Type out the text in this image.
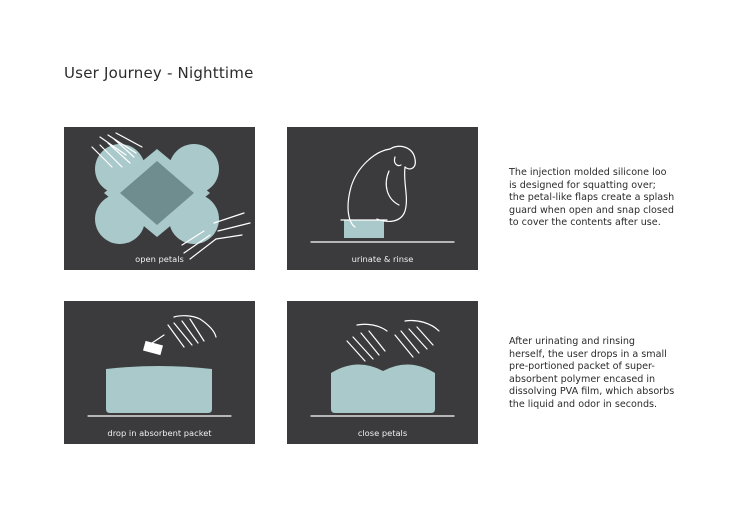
User Journey - Nighttime
open petals	urinate & rinse
drop in absorbent packet	close petals
The injection molded silicone loo
is designed for squatting over;
the petal-like flaps create a splash
guard when open and snap closed
to cover the contents after use.
After urinating and rinsing
herself, the user drops in a small
pre-portioned packet of super-
absorbent polymer encased in
dissolving PVA film, which absorbs
the liquid and odor in seconds.
